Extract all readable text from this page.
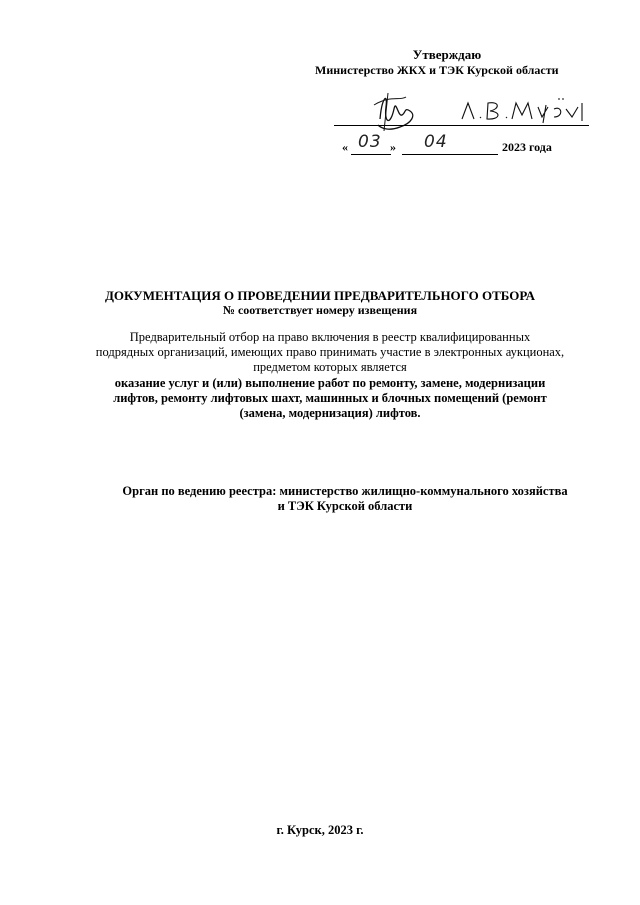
Утверждаю
Министерство ЖКХ и ТЭК Курской области
« 03 » 04	2023 года
ДОКУМЕНТАЦИЯ О ПРОВЕДЕНИИ ПРЕДВАРИТЕЛЬНОГО ОТБОРА
№ соответствует номеру извещения
Предварительный отбор на право включения в реестр квалифицированных
подрядных организаций, имеющих право принимать участие в электронных аукционах,
предметом которых является
оказание услуг и (или) выполнение работ по ремонту, замене, модернизации
лифтов, ремонту лифтовых шахт, машинных и блочных помещений (ремонт
(замена, модернизация) лифтов.
Орган по ведению реестра: министерство жилищно-коммунального хозяйства
и ТЭК Курской области
г. Курск, 2023 г.
